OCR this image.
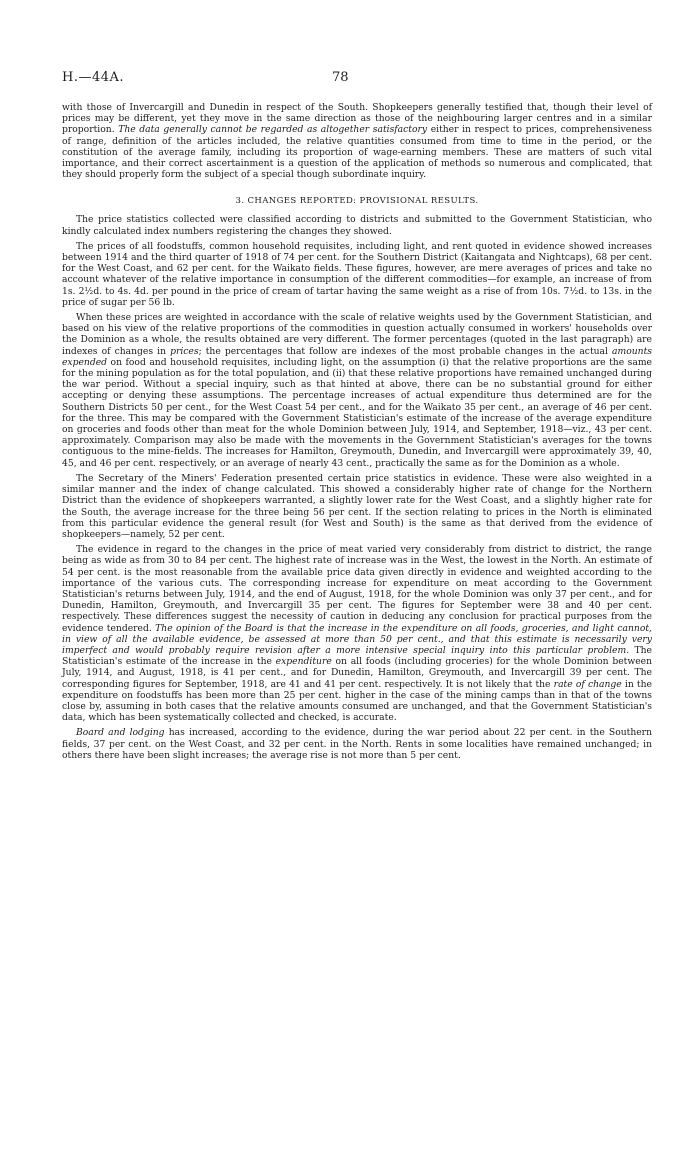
H.—44A.	78

with those of Invercargill and Dunedin in respect of the South. Shopkeepers generally testified that, though their level of prices may be different, yet they move in the same direction as those of the neighbouring larger centres and in a similar proportion. The data generally cannot be regarded as altogether satisfactory either in respect to prices, comprehensiveness of range, definition of the articles included, the relative quantities consumed from time to time in the period, or the constitution of the average family, including its proportion of wage-earning members. These are matters of such vital importance, and their correct ascertainment is a question of the application of methods so numerous and complicated, that they should properly form the subject of a special though subordinate inquiry.

3. CHANGES REPORTED: PROVISIONAL RESULTS.

The price statistics collected were classified according to districts and submitted to the Government Statistician, who kindly calculated index numbers registering the changes they showed.

The prices of all foodstuffs, common household requisites, including light, and rent quoted in evidence showed increases between 1914 and the third quarter of 1918 of 74 per cent. for the Southern District (Kaitangata and Nightcaps), 68 per cent. for the West Coast, and 62 per cent. for the Waikato fields. These figures, however, are mere averages of prices and take no account whatever of the relative importance in consumption of the different commodities—for example, an increase of from 1s. 2½d. to 4s. 4d. per pound in the price of cream of tartar having the same weight as a rise of from 10s. 7½d. to 13s. in the price of sugar per 56 lb.

When these prices are weighted in accordance with the scale of relative weights used by the Government Statistician, and based on his view of the relative proportions of the commodities in question actually consumed in workers' households over the Dominion as a whole, the results obtained are very different. The former percentages (quoted in the last paragraph) are indexes of changes in prices; the percentages that follow are indexes of the most probable changes in the actual amounts expended on food and household requisites, including light, on the assumption (i) that the relative proportions are the same for the mining population as for the total population, and (ii) that these relative proportions have remained unchanged during the war period. Without a special inquiry, such as that hinted at above, there can be no substantial ground for either accepting or denying these assumptions. The percentage increases of actual expenditure thus determined are for the Southern Districts 50 per cent., for the West Coast 54 per cent., and for the Waikato 35 per cent., an average of 46 per cent. for the three. This may be compared with the Government Statistician's estimate of the increase of the average expenditure on groceries and foods other than meat for the whole Dominion between July, 1914, and September, 1918—viz., 43 per cent. approximately. Comparison may also be made with the movements in the Government Statistician's averages for the towns contiguous to the mine-fields. The increases for Hamilton, Greymouth, Dunedin, and Invercargill were approximately 39, 40, 45, and 46 per cent. respectively, or an average of nearly 43 cent., practically the same as for the Dominion as a whole.

The Secretary of the Miners' Federation presented certain price statistics in evidence. These were also weighted in a similar manner and the index of change calculated. This showed a considerably higher rate of change for the Northern District than the evidence of shopkeepers warranted, a slightly lower rate for the West Coast, and a slightly higher rate for the South, the average increase for the three being 56 per cent. If the section relating to prices in the North is eliminated from this particular evidence the general result (for West and South) is the same as that derived from the evidence of shopkeepers—namely, 52 per cent.

The evidence in regard to the changes in the price of meat varied very considerably from district to district, the range being as wide as from 30 to 84 per cent. The highest rate of increase was in the West, the lowest in the North. An estimate of 54 per cent. is the most reasonable from the available price data given directly in evidence and weighted according to the importance of the various cuts. The corresponding increase for expenditure on meat according to the Government Statistician's returns between July, 1914, and the end of August, 1918, for the whole Dominion was only 37 per cent., and for Dunedin, Hamilton, Greymouth, and Invercargill 35 per cent. The figures for September were 38 and 40 per cent. respectively. These differences suggest the necessity of caution in deducing any conclusion for practical purposes from the evidence tendered. The opinion of the Board is that the increase in the expenditure on all foods, groceries, and light cannot, in view of all the available evidence, be assessed at more than 50 per cent., and that this estimate is necessarily very imperfect and would probably require revision after a more intensive special inquiry into this particular problem. The Statistician's estimate of the increase in the expenditure on all foods (including groceries) for the whole Dominion between July, 1914, and August, 1918, is 41 per cent., and for Dunedin, Hamilton, Greymouth, and Invercargill 39 per cent. The corresponding figures for September, 1918, are 41 and 41 per cent. respectively. It is not likely that the rate of change in the expenditure on foodstuffs has been more than 25 per cent. higher in the case of the mining camps than in that of the towns close by, assuming in both cases that the relative amounts consumed are unchanged, and that the Government Statistician's data, which has been systematically collected and checked, is accurate.

Board and lodging has increased, according to the evidence, during the war period about 22 per cent. in the Southern fields, 37 per cent. on the West Coast, and 32 per cent. in the North. Rents in some localities have remained unchanged; in others there have been slight increases; the average rise is not more than 5 per cent.
